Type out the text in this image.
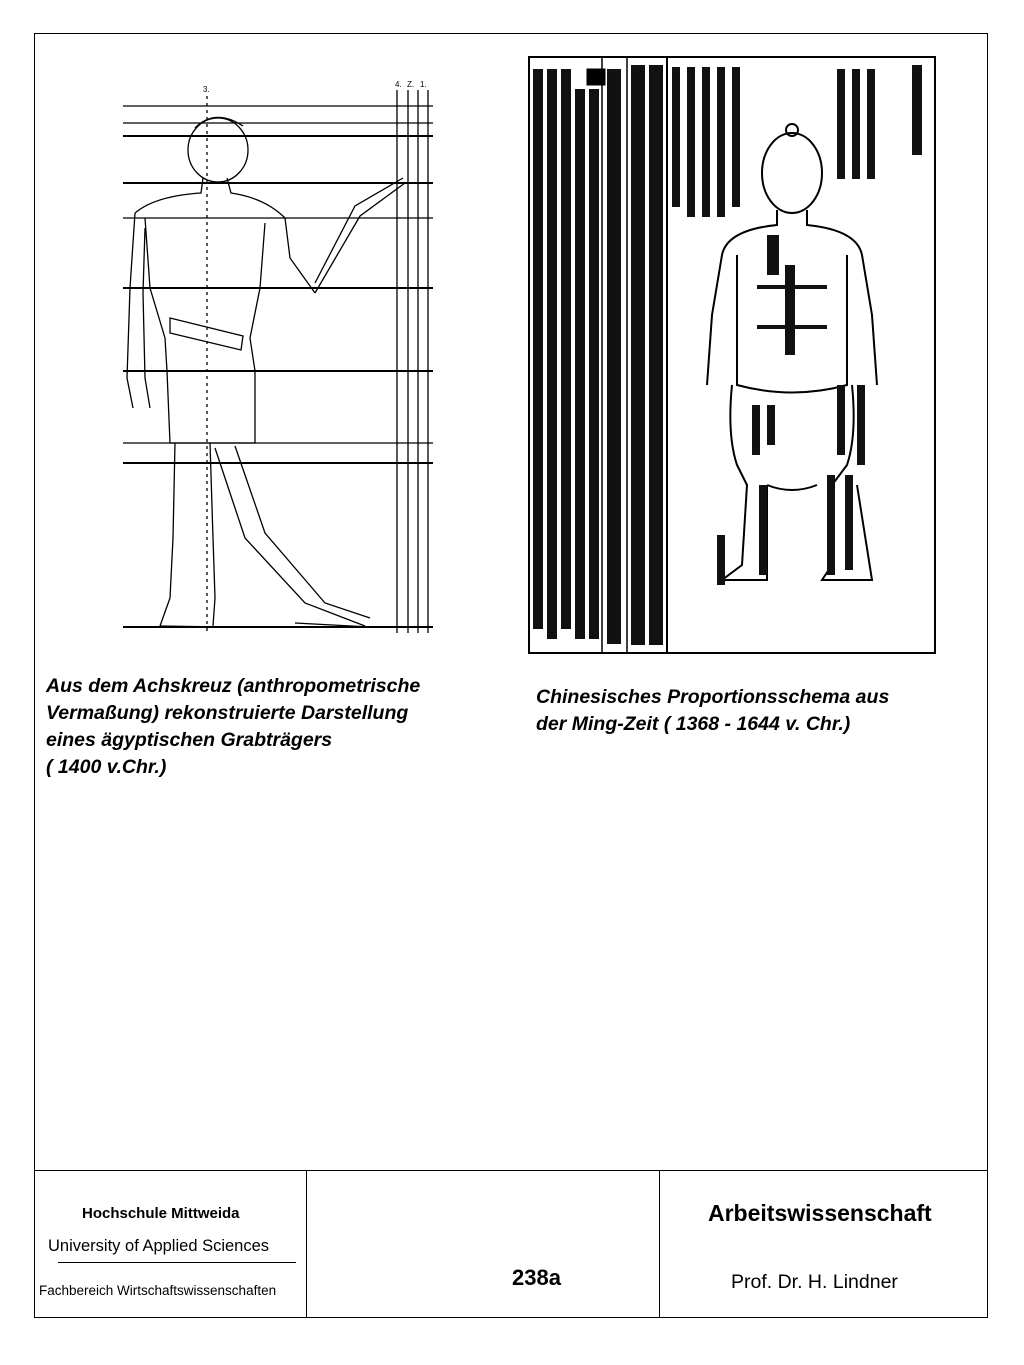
3.
4. Z. 1.
Aus dem Achskreuz (anthropometrische
Vermaßung) rekonstruierte Darstellung
eines ägyptischen Grabträgers
( 1400 v.Chr.)
Chinesisches Proportionsschema aus
der Ming-Zeit ( 1368 - 1644 v. Chr.)
Hochschule Mittweida
University of Applied Sciences
Fachbereich Wirtschaftswissenschaften
238a
Arbeitswissenschaft
Prof. Dr. H. Lindner
